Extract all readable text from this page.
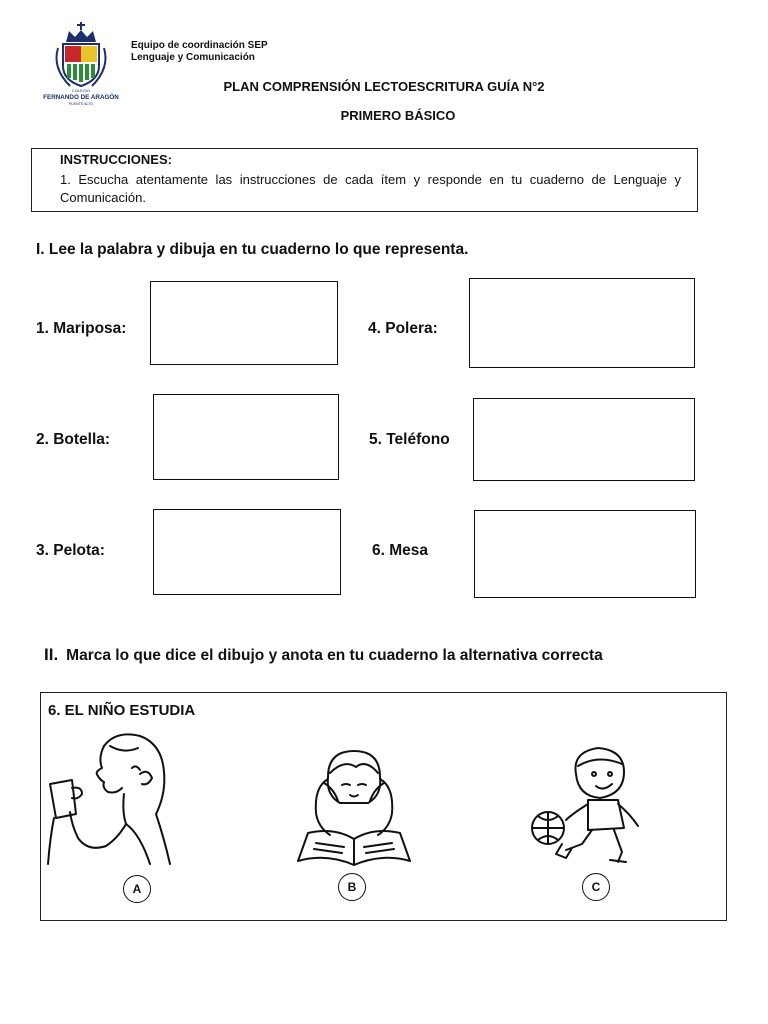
COLEGIO
FERNANDO DE ARAGÓN
PUENTE ALTO
Equipo de coordinación SEP
Lenguaje y Comunicación
PLAN COMPRENSIÓN LECTOESCRITURA GUÍA N°2
PRIMERO BÁSICO
INSTRUCCIONES:
1. Escucha atentamente las instrucciones de cada ítem y responde en tu cuaderno de Lenguaje y Comunicación.
I. Lee la palabra y dibuja en tu cuaderno lo que representa.
1. Mariposa:	4. Polera:
2. Botella:	5. Teléfono
3. Pelota:	6. Mesa
II. Marca lo que dice el dibujo y anota en tu cuaderno la alternativa correcta
6. EL NIÑO ESTUDIA
A	B	C
